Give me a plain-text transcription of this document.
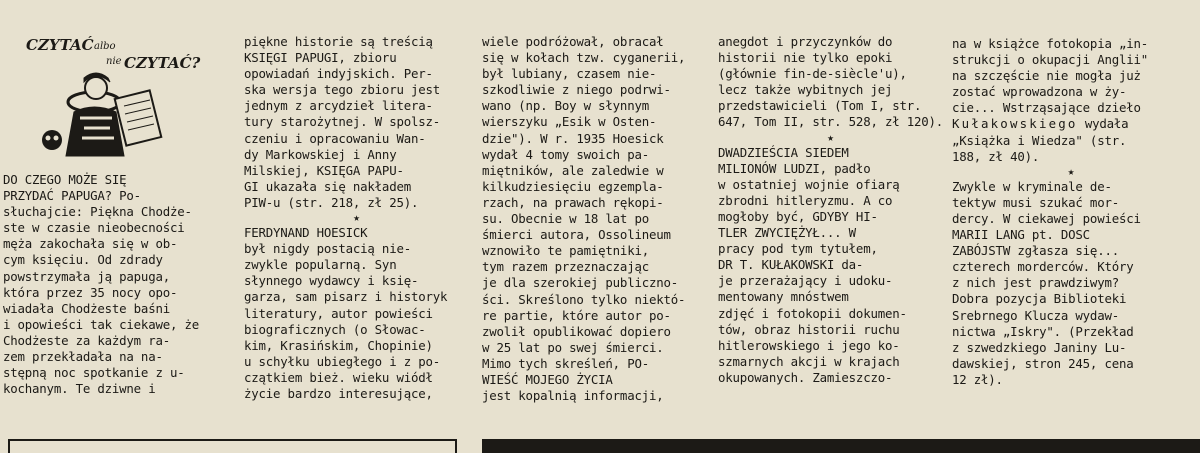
CZYTAĆ albo
nie CZYTAĆ?

DO CZEGO MOŻE SIĘ

PRZYDAĆ PAPUGA? Po-

słuchajcie: Piękna Chodże-

ste w czasie nieobecności

męża zakochała się w ob-

cym księciu. Od zdrady

powstrzymała ją papuga,

która przez 35 nocy opo-

wiadała Chodżeste baśni

i opowieści tak ciekawe, że

Chodżeste za każdym ra-

zem przekładała na na-

stępną noc spotkanie z u-

kochanym. Te dziwne i

piękne historie są treścią

KSIĘGI PAPUGI, zbioru

opowiadań indyjskich. Per-

ska wersja tego zbioru jest

jednym z arcydzieł litera-

tury starożytnej. W spolsz-

czeniu i opracowaniu Wan-

dy Markowskiej i Anny

Milskiej, KSIĘGA PAPU-

GI ukazała się nakładem

PIW-u (str. 218, zł 25).

★

FERDYNAND HOESICK

był nigdy postacią nie-

zwykle popularną. Syn

słynnego wydawcy i księ-

garza, sam pisarz i historyk

literatury, autor powieści

biograficznych (o Słowac-

kim, Krasińskim, Chopinie)

u schyłku ubiegłego i z po-

czątkiem bież. wieku wiódł

życie bardzo interesujące,

wiele podróżował, obracał

się w kołach tzw. cyganerii,

był lubiany, czasem nie-

szkodliwie z niego podrwi-

wano (np. Boy w słynnym

wierszyku „Esik w Osten-

dzie"). W r. 1935 Hoesick

wydał 4 tomy swoich pa-

miętników, ale zaledwie w

kilkudziesięciu egzempla-

rzach, na prawach rękopi-

su. Obecnie w 18 lat po

śmierci autora, Ossolineum

wznowiło te pamiętniki,

tym razem przeznaczając

je dla szerokiej publiczno-

ści. Skreślono tylko niektó-

re partie, które autor po-

zwolił opublikować dopiero

w 25 lat po swej śmierci.

Mimo tych skreśleń, PO-

WIEŚĆ MOJEGO ŻYCIA

jest kopalnią informacji,

anegdot i przyczynków do

historii nie tylko epoki

(głównie fin-de-siècle'u),

lecz także wybitnych jej

przedstawicieli (Tom I, str.

647, Tom II, str. 528, zł 120).

★

DWADZIEŚCIA SIEDEM

MILIONÓW LUDZI, padło

w ostatniej wojnie ofiarą

zbrodni hitleryzmu. A co

mogłoby być, GDYBY HI-

TLER ZWYCIĘŻYŁ... W

pracy pod tym tytułem,

DR T. KUŁAKOWSKI da-

je przerażający i udoku-

mentowany mnóstwem

zdjęć i fotokopii dokumen-

tów, obraz historii ruchu

hitlerowskiego i jego ko-

szmarnych akcji w krajach

okupowanych. Zamieszczo-

na w książce fotokopia „in-

strukcji o okupacji Anglii"

na szczęście nie mogła już

zostać wprowadzona w ży-

cie... Wstrząsające dzieło

Kułakowskiego wydała

„Książka i Wiedza" (str.

188, zł 40).

★

Zwykle w kryminale de-

tektyw musi szukać mor-

dercy. W ciekawej powieści

MARII LANG pt. DOSC

ZABÓJSTW zgłasza się...

czterech morderców. Który

z nich jest prawdziwym?

Dobra pozycja Biblioteki

Srebrnego Klucza wydaw-

nictwa „Iskry". (Przekład

z szwedzkiego Janiny Lu-

dawskiej, stron 245, cena

12 zł).
